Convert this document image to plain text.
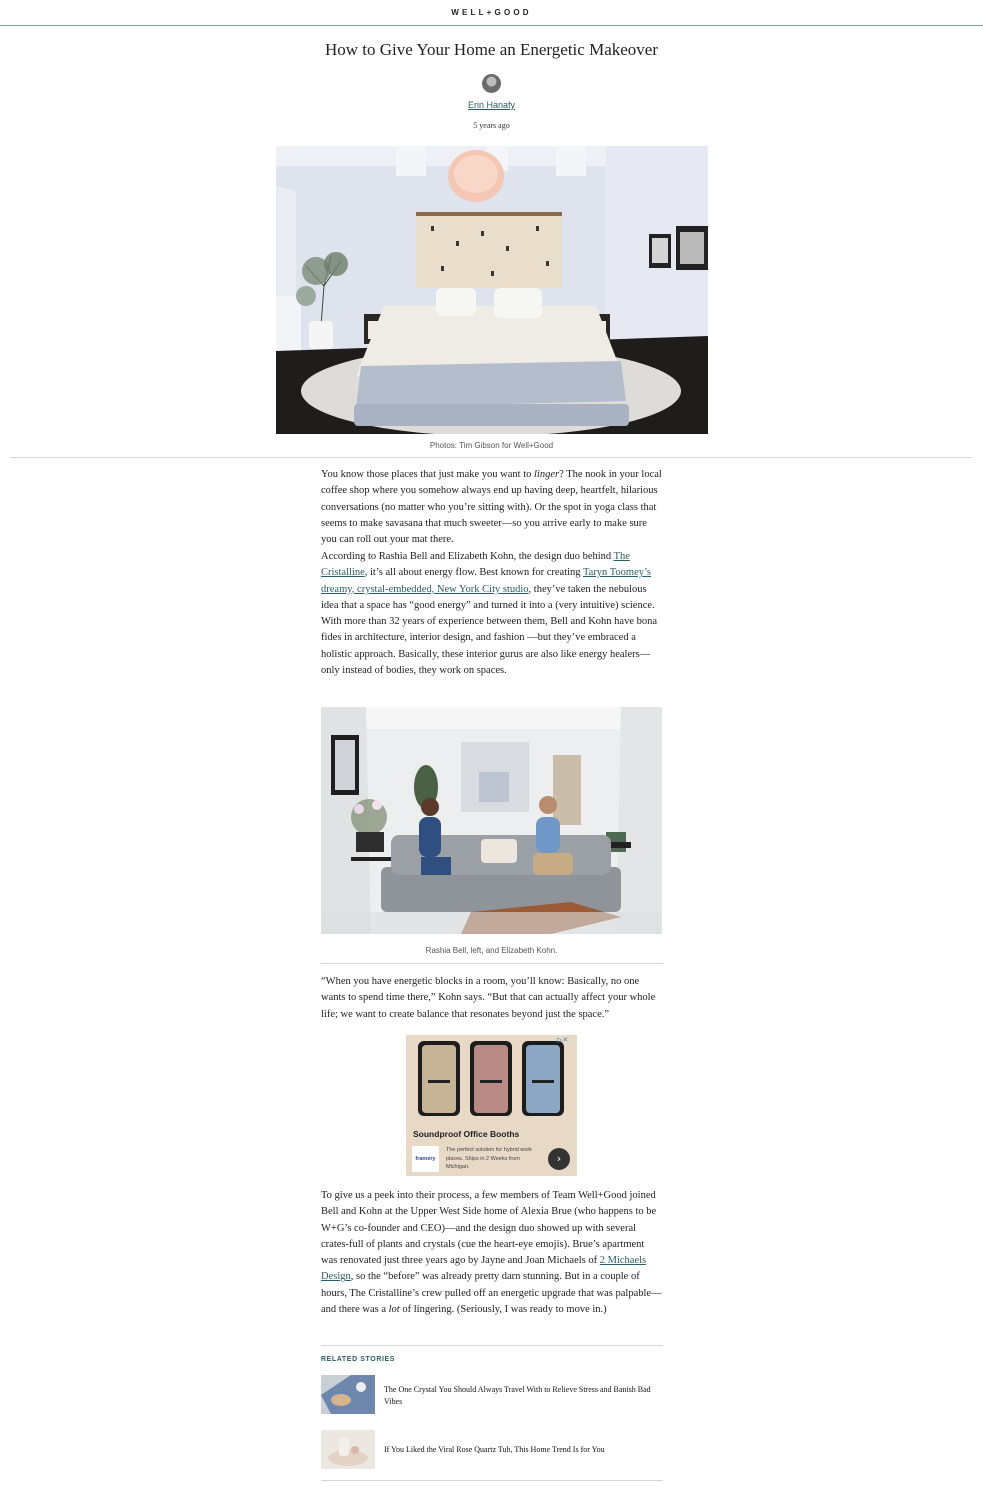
WELL+GOOD
How to Give Your Home an Energetic Makeover
Erin Hanafy
5 years ago
Photos: Tim Gibson for Well+Good

You know those places that just make you want to linger? The nook in your local coffee shop where you somehow always end up having deep, heartfelt, hilarious conversations (no matter who you’re sitting with). Or the spot in yoga class that seems to make savasana that much sweeter—so you arrive early to make sure you can roll out your mat there.

According to Rashia Bell and Elizabeth Kohn, the design duo behind The Cristalline, it’s all about energy flow. Best known for creating Taryn Toomey’s dreamy, crystal-embedded, New York City studio, they’ve taken the nebulous idea that a space has “good energy” and turned it into a (very intuitive) science. With more than 32 years of experience between them, Bell and Kohn have bona fides in architecture, interior design, and fashion —but they’ve embraced a holistic approach. Basically, these interior gurus are also like energy healers—only instead of bodies, they work on spaces.

Rashia Bell, left, and Elizabeth Kohn.

“When you have energetic blocks in a room, you’ll know: Basically, no one wants to spend time there,” Kohn says. “But that can actually affect your whole life; we want to create balance that resonates beyond just the space.”

▷✕
Soundproof Office Booths
framery
The perfect solution for hybrid work places. Ships in 2 Weeks from Michigan.
›

To give us a peek into their process, a few members of Team Well+Good joined Bell and Kohn at the Upper West Side home of Alexia Brue (who happens to be W+G’s co-founder and CEO)—and the design duo showed up with several crates-full of plants and crystals (cue the heart-eye emojis). Brue’s apartment was renovated just three years ago by Jayne and Joan Michaels of 2 Michaels Design, so the “before” was already pretty darn stunning. But in a couple of hours, The Cristalline’s crew pulled off an energetic upgrade that was palpable—and there was a lot of lingering. (Seriously, I was ready to move in.)

RELATED STORIES
The One Crystal You Should Always Travel With to Relieve Stress and Banish Bad Vibes
If You Liked the Viral Rose Quartz Tub, This Home Trend Is for You
